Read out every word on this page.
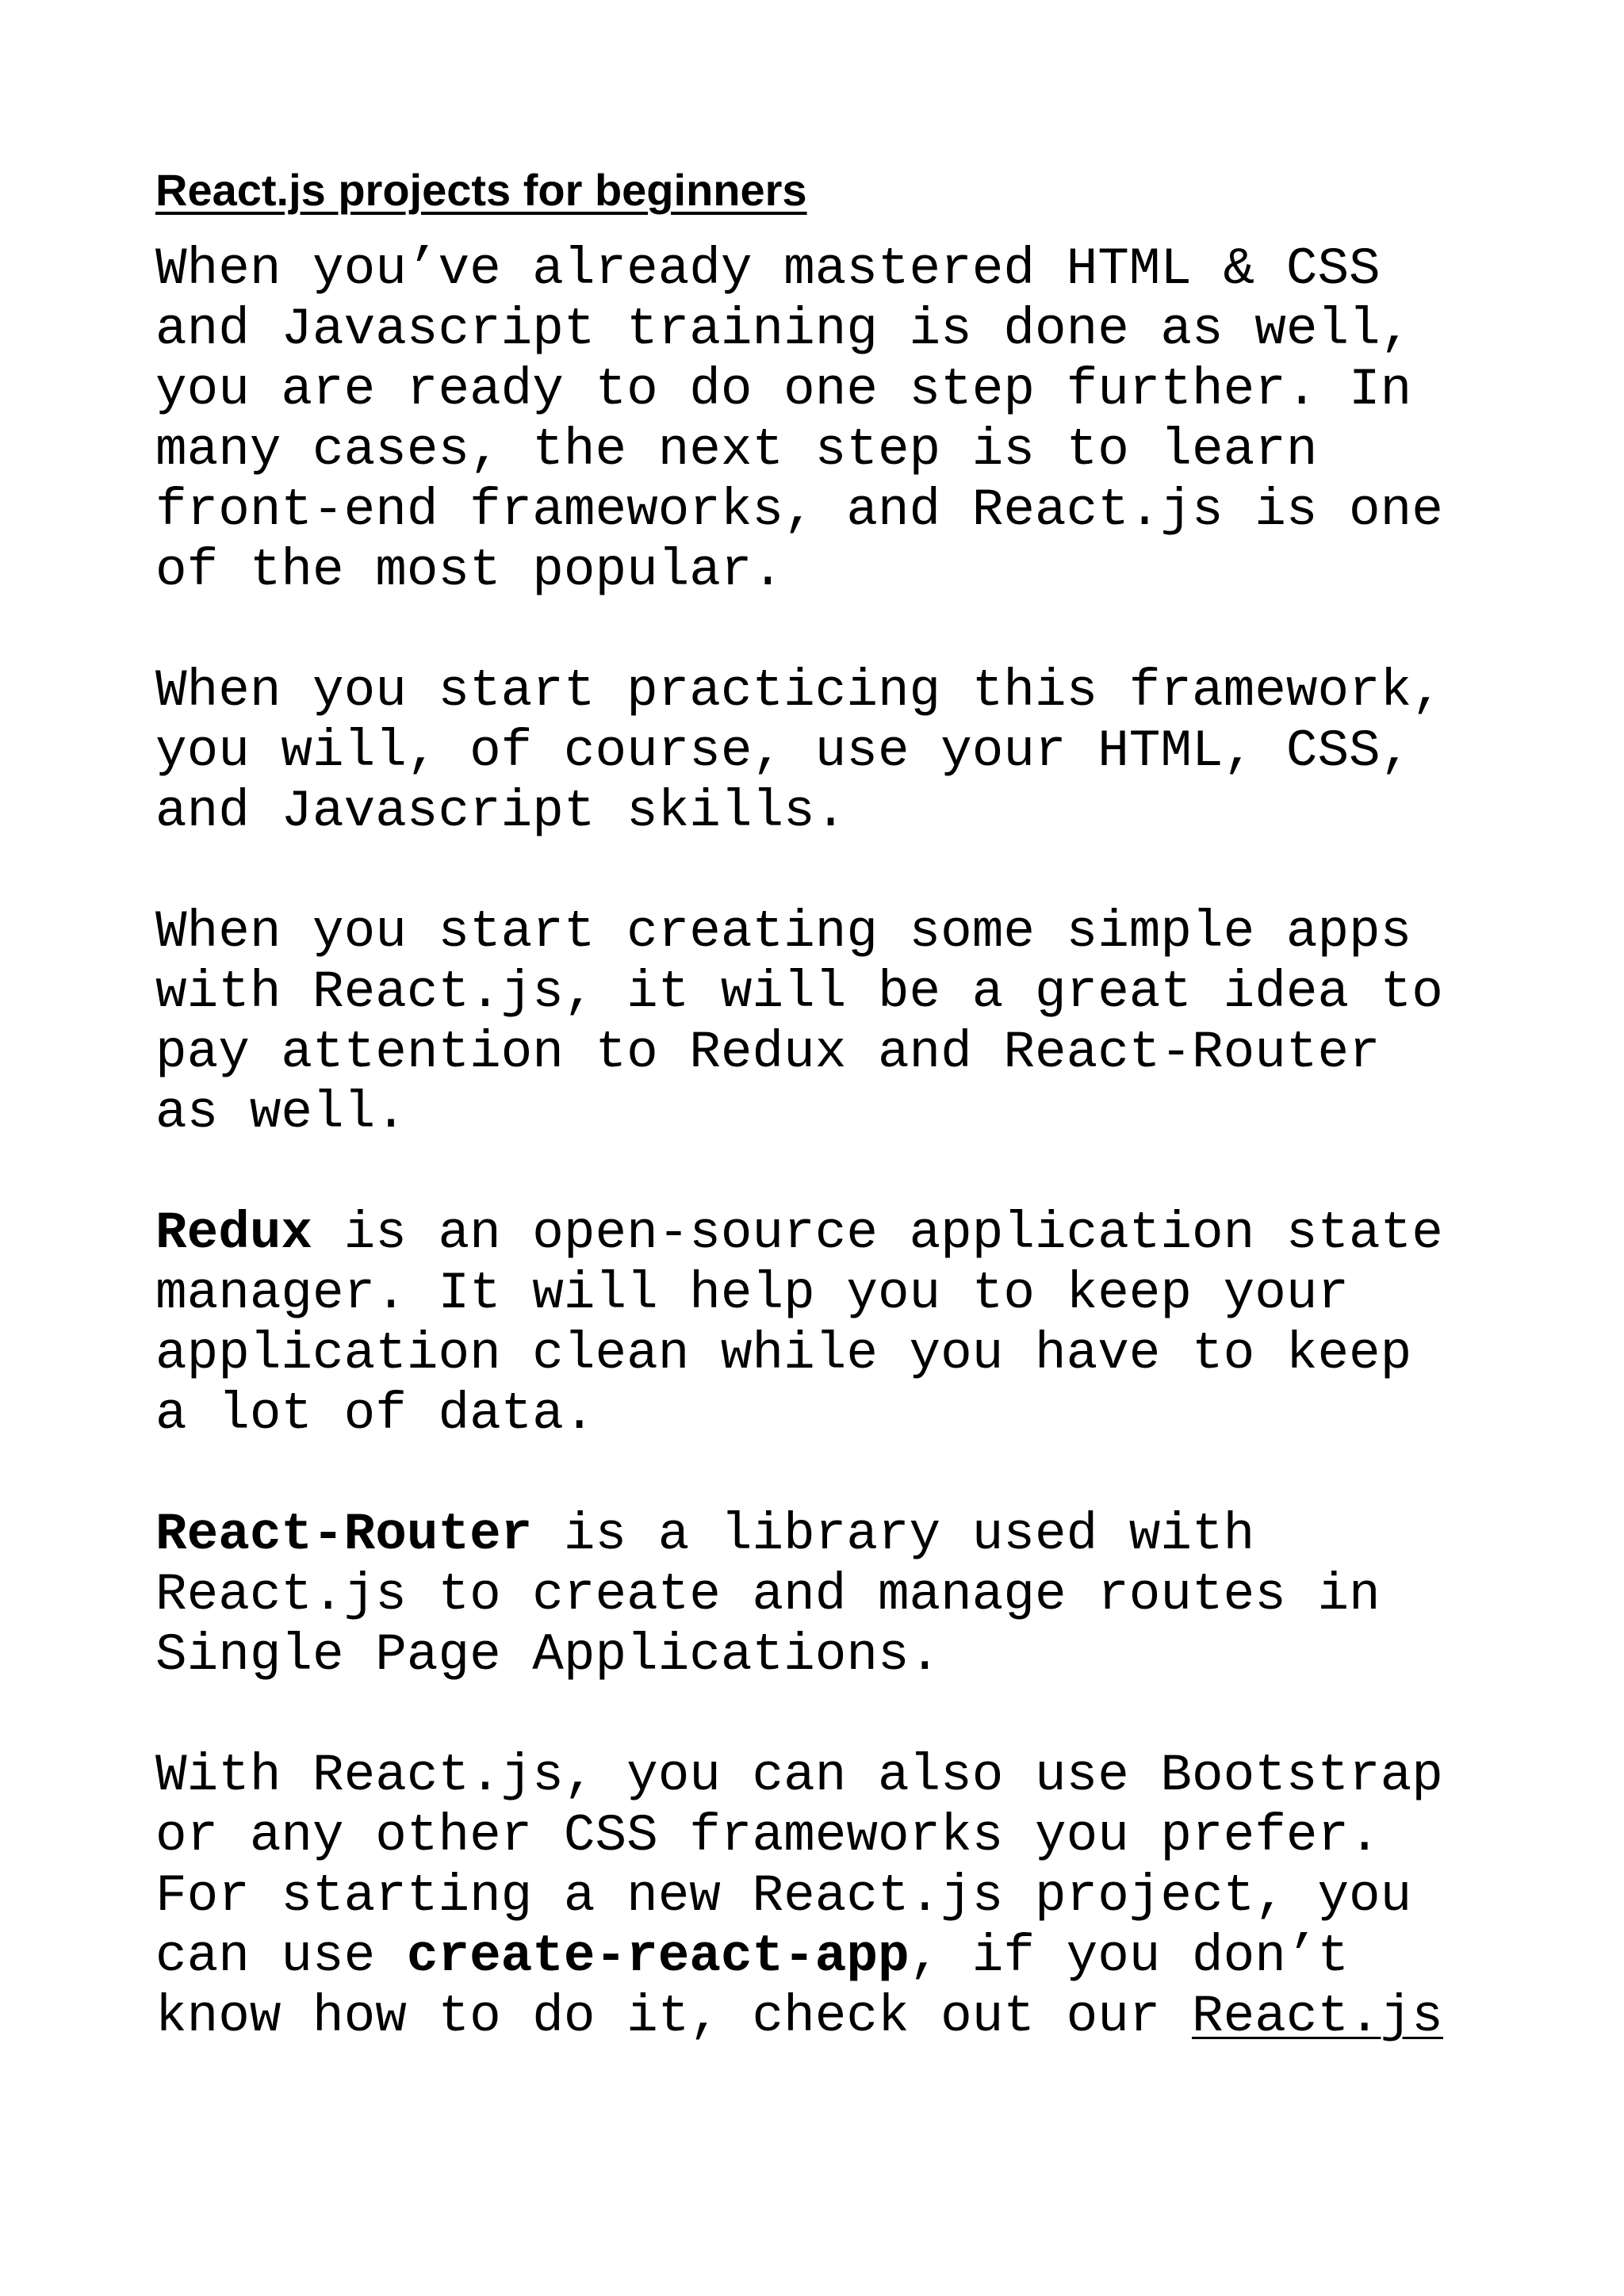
React.js projects for beginners
When you’ve already mastered HTML & CSS
and Javascript training is done as well,
you are ready to do one step further. In
many cases, the next step is to learn
front-end frameworks, and React.js is one
of the most popular.
When you start practicing this framework,
you will, of course, use your HTML, CSS,
and Javascript skills.
When you start creating some simple apps
with React.js, it will be a great idea to
pay attention to Redux and React-Router
as well.
Redux is an open-source application state
manager. It will help you to keep your
application clean while you have to keep
a lot of data.
React-Router is a library used with
React.js to create and manage routes in
Single Page Applications.
With React.js, you can also use Bootstrap
or any other CSS frameworks you prefer.
For starting a new React.js project, you
can use create-react-app, if you don’t
know how to do it, check out our React.js
